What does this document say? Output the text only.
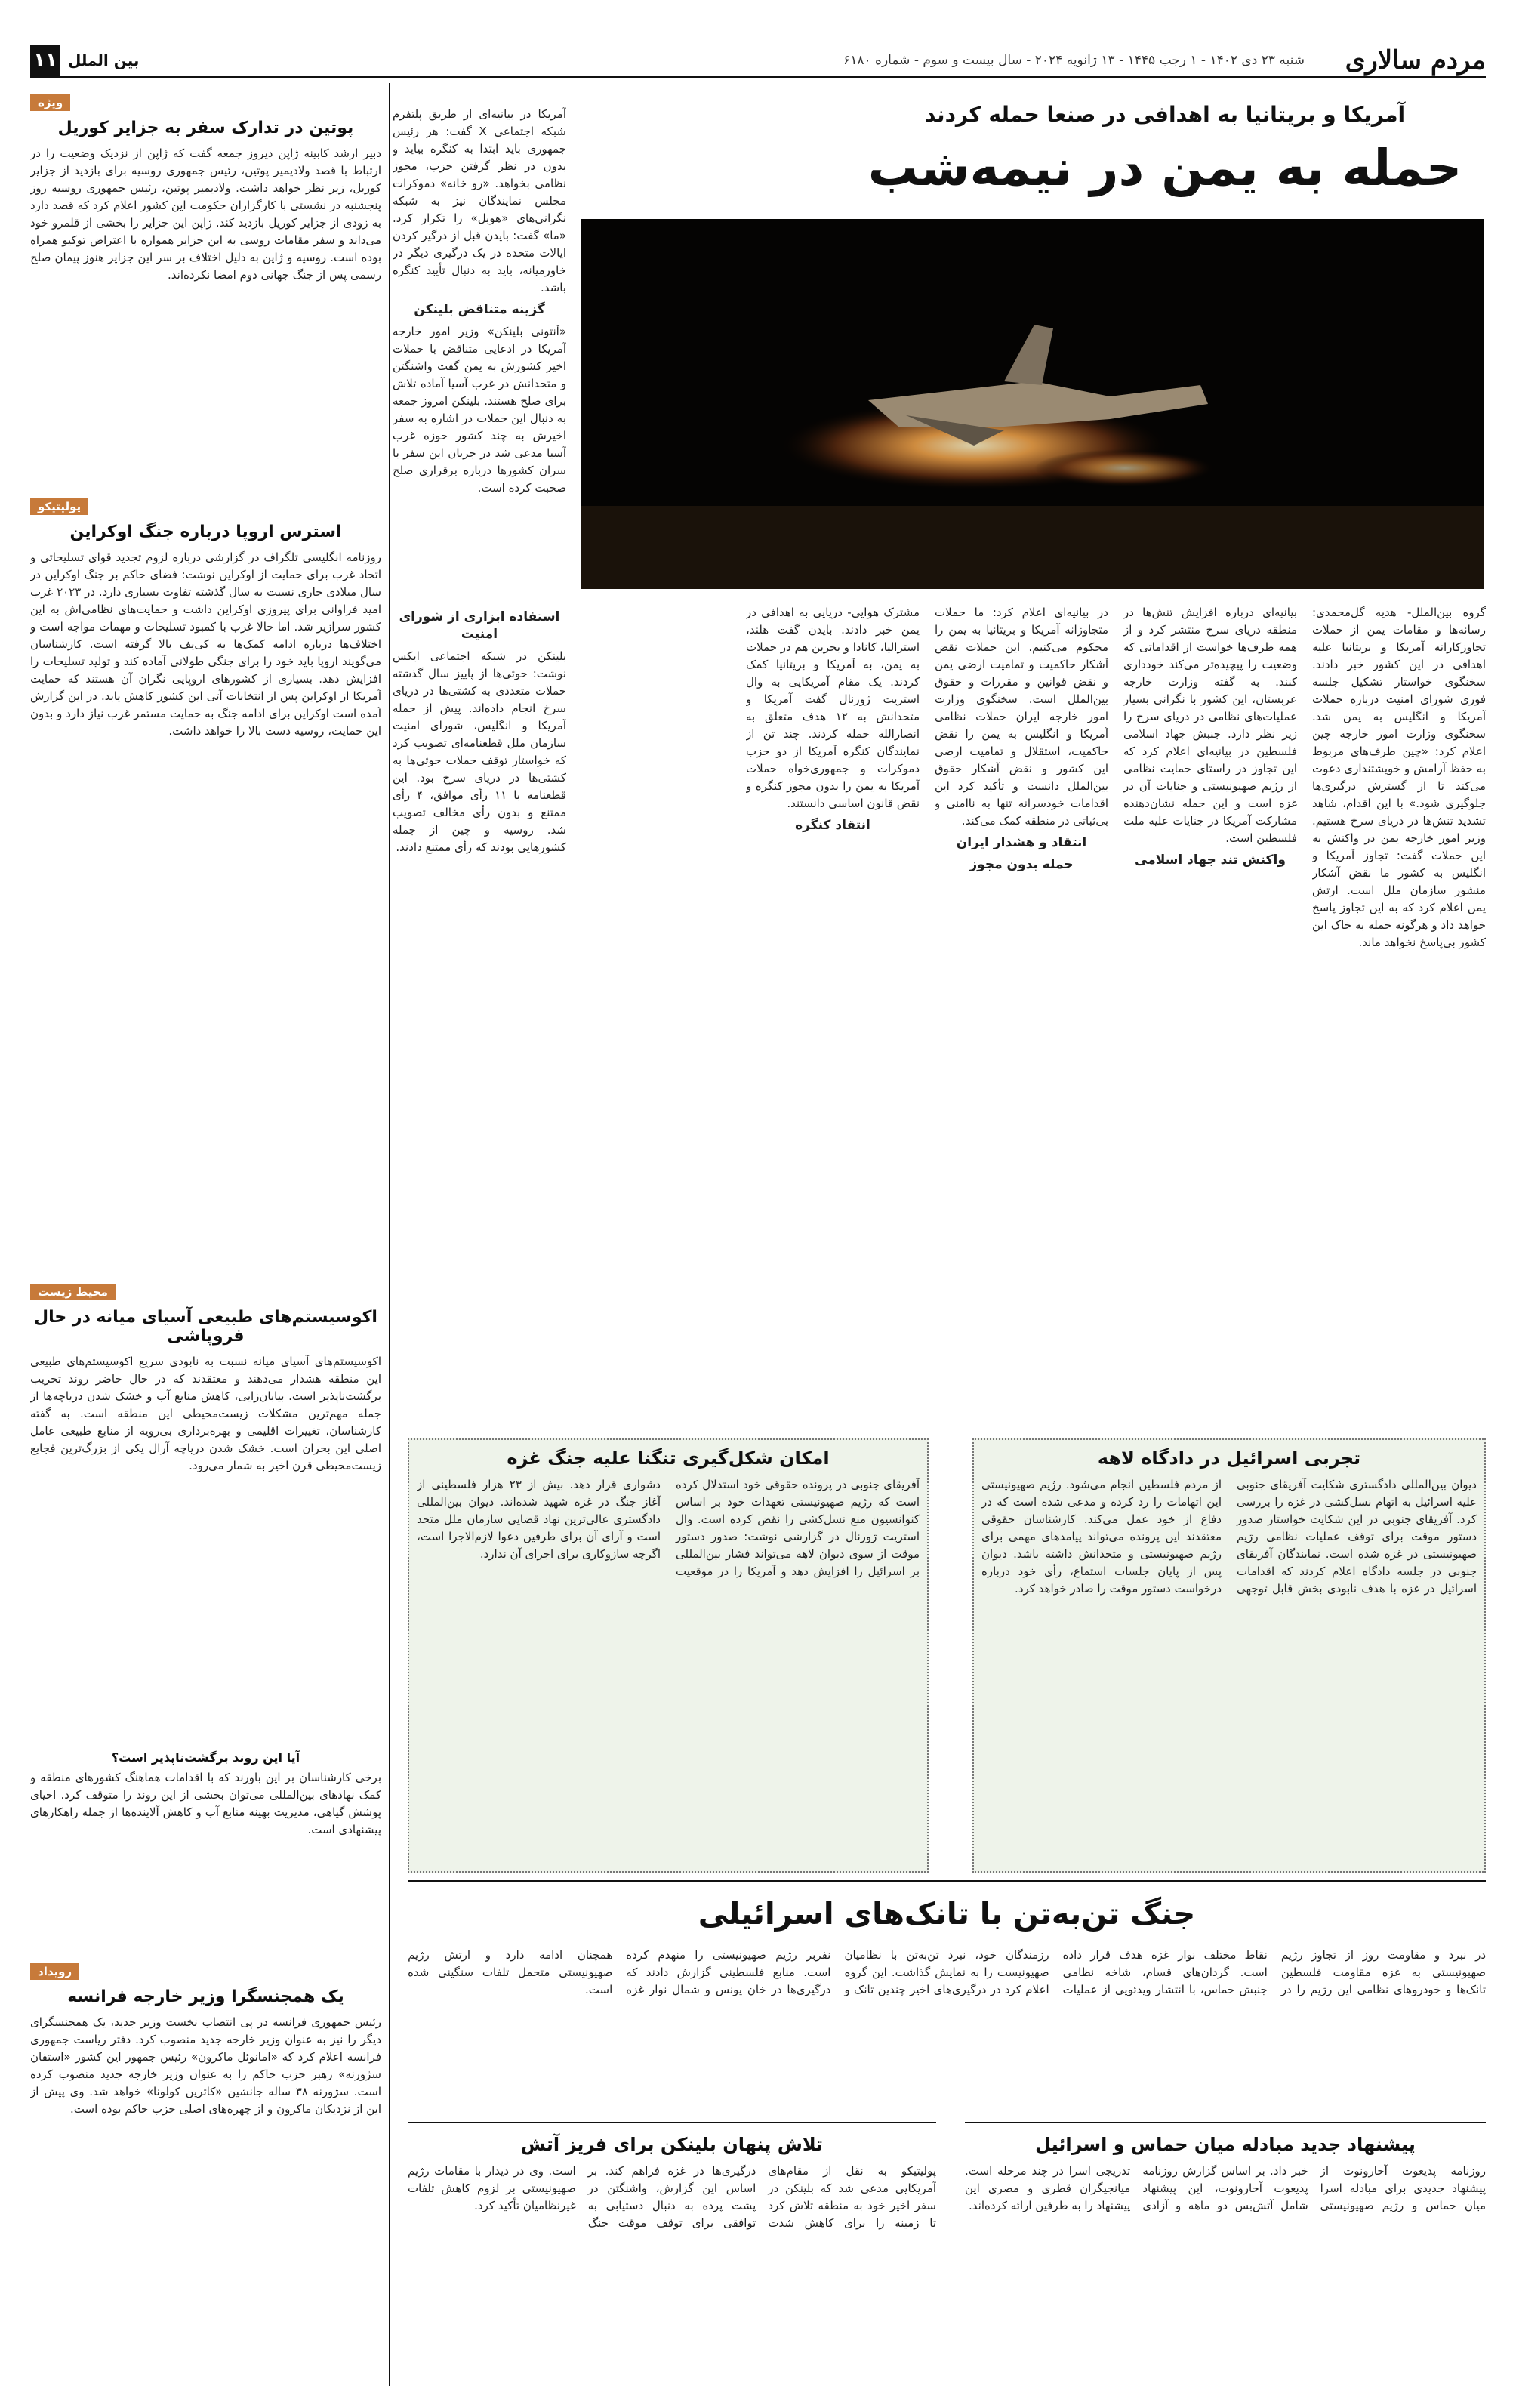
مردم سالاری
شنبه ۲۳ دی ۱۴۰۲ - ۱ رجب ۱۴۴۵ - ۱۳ ژانویه ۲۰۲۴ - سال بیست و سوم - شماره ۶۱۸۰
۱۱ بین الملل
آمریکا و بریتانیا به اهدافی در صنعا حمله کردند
حمله به یمن در نیمه‌شب

آمریکا در بیانیه‌ای از طریق پلتفرم شبکه اجتماعی X گفت: هر رئیس جمهوری باید ابتدا به کنگره بیاید و بدون در نظر گرفتن حزب، مجوز نظامی بخواهد. «رو خانه» دموکرات مجلس نمایندگان نیز به شبکه نگرانی‌های «هوبل» را تکرار کرد. «ما» گفت: بایدن قبل از درگیر کردن ایالات متحده در یک درگیری دیگر در خاورمیانه، باید به دنبال تأیید کنگره باشد.

گزینه متناقض بلینکن

«آنتونی بلینکن» وزیر امور خارجه آمریکا در ادعایی متناقض با حملات اخیر کشورش به یمن گفت واشنگتن و متحدانش در غرب آسیا آماده تلاش برای صلح هستند. بلینکن امروز جمعه به دنبال این حملات در اشاره به سفر اخیرش به چند کشور حوزه غرب آسیا مدعی شد در جریان این سفر با سران کشورها درباره برقراری صلح صحبت کرده است.

گروه بین‌الملل- هدیه گل‌محمدی: رسانه‌ها و مقامات یمن از حملات تجاوزکارانه آمریکا و بریتانیا علیه اهدافی در این کشور خبر دادند. سخنگوی خواستار تشکیل جلسه فوری شورای امنیت درباره حملات آمریکا و انگلیس به یمن شد. سخنگوی وزارت امور خارجه چین اعلام کرد: «چین طرف‌های مربوط به حفظ آرامش و خویشتنداری دعوت می‌کند تا از گسترش درگیری‌ها جلوگیری شود.» با این اقدام، شاهد تشدید تنش‌ها در دریای سرخ هستیم. وزیر امور خارجه یمن در واکنش به این حملات گفت: تجاوز آمریکا و انگلیس به کشور ما نقض آشکار منشور سازمان ملل است. ارتش یمن اعلام کرد که به این تجاوز پاسخ خواهد داد و هرگونه حمله به خاک این کشور بی‌پاسخ نخواهد ماند.

بیانیه‌ای درباره افزایش تنش‌ها در منطقه دریای سرخ منتشر کرد و از همه طرف‌ها خواست از اقداماتی که وضعیت را پیچیده‌تر می‌کند خودداری کنند. به گفته وزارت خارجه عربستان، این کشور با نگرانی بسیار عملیات‌های نظامی در دریای سرخ را زیر نظر دارد. جنبش جهاد اسلامی فلسطین در بیانیه‌ای اعلام کرد که این تجاوز در راستای حمایت نظامی از رژیم صهیونیستی و جنایات آن در غزه است و این حمله نشان‌دهنده مشارکت آمریکا در جنایات علیه ملت فلسطین است.

واکنش تند جهاد اسلامی

در بیانیه‌ای اعلام کرد: ما حملات متجاوزانه آمریکا و بریتانیا به یمن را محکوم می‌کنیم. این حملات نقض آشکار حاکمیت و تمامیت ارضی یمن و نقض قوانین و مقررات و حقوق بین‌الملل است. سخنگوی وزارت امور خارجه ایران حملات نظامی آمریکا و انگلیس به یمن را نقض حاکمیت، استقلال و تمامیت ارضی این کشور و نقض آشکار حقوق بین‌الملل دانست و تأکید کرد این اقدامات خودسرانه تنها به ناامنی و بی‌ثباتی در منطقه کمک می‌کند.

انتقاد و هشدار ایران
حمله بدون مجوز

مشترک هوایی- دریایی به اهدافی در یمن خبر دادند. بایدن گفت هلند، استرالیا، کانادا و بحرین هم در حملات به یمن، به آمریکا و بریتانیا کمک کردند. یک مقام آمریکایی به وال استریت ژورنال گفت آمریکا و متحدانش به ۱۲ هدف متعلق به انصارالله حمله کردند. چند تن از نمایندگان کنگره آمریکا از دو حزب دموکرات و جمهوری‌خواه حملات آمریکا به یمن را بدون مجوز کنگره و نقض قانون اساسی دانستند.

انتقاد کنگره
استفاده ابزاری از شورای امنیت

بلینکن در شبکه اجتماعی ایکس نوشت: حوثی‌ها از پاییز سال گذشته حملات متعددی به کشتی‌ها در دریای سرخ انجام داده‌اند. پیش از حمله آمریکا و انگلیس، شورای امنیت سازمان ملل قطعنامه‌ای تصویب کرد که خواستار توقف حملات حوثی‌ها به کشتی‌ها در دریای سرخ بود. این قطعنامه با ۱۱ رأی موافق، ۴ رأی ممتنع و بدون رأی مخالف تصویب شد. روسیه و چین از جمله کشورهایی بودند که رأی ممتنع دادند.

تجربی اسرائیل در دادگاه لاهه
دیوان بین‌المللی دادگستری شکایت آفریقای جنوبی علیه اسرائیل به اتهام نسل‌کشی در غزه را بررسی کرد. آفریقای جنوبی در این شکایت خواستار صدور دستور موقت برای توقف عملیات نظامی رژیم صهیونیستی در غزه شده است. نمایندگان آفریقای جنوبی در جلسه دادگاه اعلام کردند که اقدامات اسرائیل در غزه با هدف نابودی بخش قابل توجهی از مردم فلسطین انجام می‌شود. رژیم صهیونیستی این اتهامات را رد کرده و مدعی شده است که در دفاع از خود عمل می‌کند. کارشناسان حقوقی معتقدند این پرونده می‌تواند پیامدهای مهمی برای رژیم صهیونیستی و متحدانش داشته باشد. دیوان پس از پایان جلسات استماع، رأی خود درباره درخواست دستور موقت را صادر خواهد کرد.
امکان شکل‌گیری تنگنا علیه جنگ غزه
آفریقای جنوبی در پرونده حقوقی خود استدلال کرده است که رژیم صهیونیستی تعهدات خود بر اساس کنوانسیون منع نسل‌کشی را نقض کرده است. وال استریت ژورنال در گزارشی نوشت: صدور دستور موقت از سوی دیوان لاهه می‌تواند فشار بین‌المللی بر اسرائیل را افزایش دهد و آمریکا را در موقعیت دشواری قرار دهد. بیش از ۲۳ هزار فلسطینی از آغاز جنگ در غزه شهید شده‌اند. دیوان بین‌المللی دادگستری عالی‌ترین نهاد قضایی سازمان ملل متحد است و آرای آن برای طرفین دعوا لازم‌الاجرا است، اگرچه سازوکاری برای اجرای آن ندارد.
جنگ تن‌به‌تن با تانک‌های اسرائیلی
در نبرد و مقاومت روز از تجاوز رژیم صهیونیستی به غزه مقاومت فلسطین تانک‌ها و خودروهای نظامی این رژیم را در نقاط مختلف نوار غزه هدف قرار داده است. گردان‌های قسام، شاخه نظامی جنبش حماس، با انتشار ویدئویی از عملیات رزمندگان خود، نبرد تن‌به‌تن با نظامیان صهیونیست را به نمایش گذاشت. این گروه اعلام کرد در درگیری‌های اخیر چندین تانک و نفربر رژیم صهیونیستی را منهدم کرده است. منابع فلسطینی گزارش دادند که درگیری‌ها در خان یونس و شمال نوار غزه همچنان ادامه دارد و ارتش رژیم صهیونیستی متحمل تلفات سنگینی شده است.
پیشنهاد جدید مبادله میان حماس و اسرائیل
روزنامه پدیعوت آحارونوت از پیشنهاد جدیدی برای مبادله اسرا میان حماس و رژیم صهیونیستی خبر داد. بر اساس گزارش روزنامه پدیعوت آحارونوت، این پیشنهاد شامل آتش‌بس دو ماهه و آزادی تدریجی اسرا در چند مرحله است. میانجیگران قطری و مصری این پیشنهاد را به طرفین ارائه کرده‌اند.
تلاش پنهان بلینکن برای فریز آتش
پولیتیکو به نقل از مقام‌های آمریکایی مدعی شد که بلینکن در سفر اخیر خود به منطقه تلاش کرد تا زمینه را برای کاهش شدت درگیری‌ها در غزه فراهم کند. بر اساس این گزارش، واشنگتن در پشت پرده به دنبال دستیابی به توافقی برای توقف موقت جنگ است. وی در دیدار با مقامات رژیم صهیونیستی بر لزوم کاهش تلفات غیرنظامیان تأکید کرد.
ویژه
پوتین در تدارک سفر به جزایر کوریل
دبیر ارشد کابینه ژاپن دیروز جمعه گفت که ژاپن از نزدیک وضعیت را در ارتباط با قصد ولادیمیر پوتین، رئیس جمهوری روسیه برای بازدید از جزایر کوریل، زیر نظر خواهد داشت. ولادیمیر پوتین، رئیس جمهوری روسیه روز پنجشنبه در نشستی با کارگزاران حکومت این کشور اعلام کرد که قصد دارد به زودی از جزایر کوریل بازدید کند. ژاپن این جزایر را بخشی از قلمرو خود می‌داند و سفر مقامات روسی به این جزایر همواره با اعتراض توکیو همراه بوده است. روسیه و ژاپن به دلیل اختلاف بر سر این جزایر هنوز پیمان صلح رسمی پس از جنگ جهانی دوم امضا نکرده‌اند.
پولیتیکو
استرس اروپا درباره جنگ اوکراین
روزنامه انگلیسی تلگراف در گزارشی درباره لزوم تجدید قوای تسلیحاتی و اتحاد غرب برای حمایت از اوکراین نوشت: فضای حاکم بر جنگ اوکراین در سال میلادی جاری نسبت به سال گذشته تفاوت بسیاری دارد. در ۲۰۲۳ غرب امید فراوانی برای پیروزی اوکراین داشت و حمایت‌های نظامی‌اش به این کشور سرازیر شد. اما حالا غرب با کمبود تسلیحات و مهمات مواجه است و اختلاف‌ها درباره ادامه کمک‌ها به کی‌یف بالا گرفته است. کارشناسان می‌گویند اروپا باید خود را برای جنگی طولانی آماده کند و تولید تسلیحات را افزایش دهد. بسیاری از کشورهای اروپایی نگران آن هستند که حمایت آمریکا از اوکراین پس از انتخابات آتی این کشور کاهش یابد. در این گزارش آمده است اوکراین برای ادامه جنگ به حمایت مستمر غرب نیاز دارد و بدون این حمایت، روسیه دست بالا را خواهد داشت.
محیط زیست
اکوسیستم‌های طبیعی آسیای میانه در حال فروپاشی
اکوسیستم‌های آسیای میانه نسبت به نابودی سریع اکوسیستم‌های طبیعی این منطقه هشدار می‌دهند و معتقدند که در حال حاضر روند تخریب برگشت‌ناپذیر است. بیابان‌زایی، کاهش منابع آب و خشک شدن دریاچه‌ها از جمله مهم‌ترین مشکلات زیست‌محیطی این منطقه است. به گفته کارشناسان، تغییرات اقلیمی و بهره‌برداری بی‌رویه از منابع طبیعی عامل اصلی این بحران است. خشک شدن دریاچه آرال یکی از بزرگ‌ترین فجایع زیست‌محیطی قرن اخیر به شمار می‌رود.
آیا این روند برگشت‌ناپذیر است؟
برخی کارشناسان بر این باورند که با اقدامات هماهنگ کشورهای منطقه و کمک نهادهای بین‌المللی می‌توان بخشی از این روند را متوقف کرد. احیای پوشش گیاهی، مدیریت بهینه منابع آب و کاهش آلاینده‌ها از جمله راهکارهای پیشنهادی است.
رویداد
یک همجنسگرا وزیر خارجه فرانسه
رئیس جمهوری فرانسه در پی انتصاب نخست وزیر جدید، یک همجنسگرای دیگر را نیز به عنوان وزیر خارجه جدید منصوب کرد. دفتر ریاست جمهوری فرانسه اعلام کرد که «امانوئل ماکرون» رئیس جمهور این کشور «استفان سژورنه» رهبر حزب حاکم را به عنوان وزیر خارجه جدید منصوب کرده است. سژورنه ۳۸ ساله جانشین «کاترین کولونا» خواهد شد. وی پیش از این از نزدیکان ماکرون و از چهره‌های اصلی حزب حاکم بوده است.
